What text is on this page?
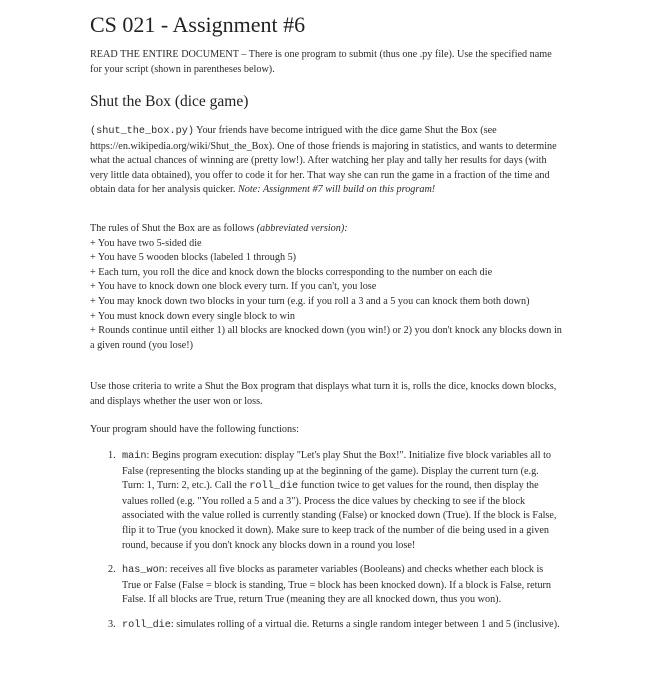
CS 021 - Assignment #6

READ THE ENTIRE DOCUMENT – There is one program to submit (thus one .py file). Use the specified name for your script (shown in parentheses below).

Shut the Box (dice game)

(shut_the_box.py) Your friends have become intrigued with the dice game Shut the Box (see https://en.wikipedia.org/wiki/Shut_the_Box). One of those friends is majoring in statistics, and wants to determine what the actual chances of winning are (pretty low!). After watching her play and tally her results for days (with very little data obtained), you offer to code it for her. That way she can run the game in a fraction of the time and obtain data for her analysis quicker. Note: Assignment #7 will build on this program!

The rules of Shut the Box are as follows (abbreviated version):
+ You have two 5-sided die
+ You have 5 wooden blocks (labeled 1 through 5)
+ Each turn, you roll the dice and knock down the blocks corresponding to the number on each die
+ You have to knock down one block every turn. If you can't, you lose
+ You may knock down two blocks in your turn (e.g. if you roll a 3 and a 5 you can knock them both down)
+ You must knock down every single block to win
+ Rounds continue until either 1) all blocks are knocked down (you win!) or 2) you don't knock any blocks down in a given round (you lose!)

Use those criteria to write a Shut the Box program that displays what turn it is, rolls the dice, knocks down blocks, and displays whether the user won or loss.

Your program should have the following functions:

1. main: Begins program execution: display "Let's play Shut the Box!". Initialize five block variables all to False (representing the blocks standing up at the beginning of the game). Display the current turn (e.g. Turn: 1, Turn: 2, etc.). Call the roll_die function twice to get values for the round, then display the values rolled (e.g. "You rolled a 5 and a 3"). Process the dice values by checking to see if the block associated with the value rolled is currently standing (False) or knocked down (True). If the block is False, flip it to True (you knocked it down). Make sure to keep track of the number of die being used in a given round, because if you don't knock any blocks down in a round you lose!
2. has_won: receives all five blocks as parameter variables (Booleans) and checks whether each block is True or False (False = block is standing, True = block has been knocked down). If a block is False, return False. If all blocks are True, return True (meaning they are all knocked down, thus you won).
3. roll_die: simulates rolling of a virtual die. Returns a single random integer between 1 and 5 (inclusive).
